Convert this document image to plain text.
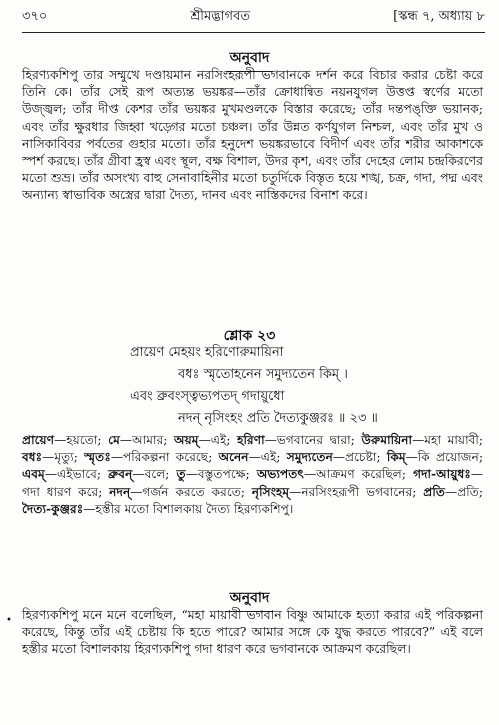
৩৭০	শ্রীমদ্ভাগবত	[স্কন্ধ ৭, অধ্যায় ৮
অনুবাদ

হিরণ্যকশিপু তার সম্মুখে দণ্ডায়মান নরসিংহরূপী ভগবানকে দর্শন করে বিচার করার চেষ্টা করে তিনি কে। তাঁর সেই রূপ অত্যন্ত ভয়ঙ্কর—তাঁর ক্রোধান্বিত নয়নযুগল উত্তপ্ত স্বর্ণের মতো উজ্জ্বল; তাঁর দীপ্ত কেশর তাঁর ভয়ঙ্কর মুখমণ্ডলকে বিস্তার করেছে; তাঁর দন্তপঙ্‌ক্তি ভয়ানক; এবং তাঁর ক্ষুরধার জিহ্বা খড়্গের মতো চঞ্চল। তাঁর উন্নত কর্ণযুগল নিশ্চল, এবং তাঁর মুখ ও নাসিকাবিবর পর্বতের গুহার মতো। তাঁর হনুদেশ ভয়ঙ্করভাবে বিদীর্ণ এবং তাঁর শরীর আকাশকে স্পর্শ করছে। তাঁর গ্রীবা হ্রস্ব এবং স্থূল, বক্ষ বিশাল, উদর কৃশ, এবং তাঁর দেহের লোম চন্দ্রকিরণের মতো শুভ্র। তাঁর অসংখ্য বাহু সেনাবাহিনীর মতো চতুর্দিকে বিস্তৃত হয়ে শঙ্খ, চক্র, গদা, পদ্ম এবং অন্যান্য স্বাভাবিক অস্ত্রের দ্বারা দৈত্য, দানব এবং নাস্তিকদের বিনাশ করে।

শ্লোক ২৩
প্রায়েণ মেহয়ং হরিণোরুমায়িনা
বধঃ স্মৃতোহনেন সমুদ্যতেন কিম্ ।
এবং ব্রুবংস্ত্বভ্যপতদ্ গদায়ুধো
নদন্ নৃসিংহং প্রতি দৈত্যকুঞ্জরঃ ॥ ২৩ ॥

প্রায়েণ—হয়তো; মে—আমার; অয়ম্—এই; হরিণা—ভগবানের দ্বারা; উরুমায়িনা—মহা মায়াবী; বধঃ—মৃত্যু; স্মৃতঃ—পরিকল্পনা করেছে; অনেন—এই; সমুদ্যতেন—প্রচেষ্টা; কিম্—কি প্রয়োজন; এবম্—এইভাবে; ব্রুবন্—বলে; তু—বস্তুতপক্ষে; অভ্যপতৎ—আক্রমণ করেছিল; গদা-আয়ুধঃ—গদা ধারণ করে; নদন্—গর্জন করতে করতে; নৃসিংহম্—নরসিংহরূপী ভগবানের; প্রতি—প্রতি; দৈত্য-কুঞ্জরঃ—হস্তীর মতো বিশালকায় দৈত্য হিরণ্যকশিপু।

অনুবাদ
• হিরণ্যকশিপু মনে মনে বলেছিল, “মহা মায়াবী ভগবান বিষ্ণু আমাকে হত্যা করার এই পরিকল্পনা করেছে, কিন্তু তাঁর এই চেষ্টায় কি হতে পারে? আমার সঙ্গে কে যুদ্ধ করতে পারবে?” এই বলে হস্তীর মতো বিশালকায় হিরণ্যকশিপু গদা ধারণ করে ভগবানকে আক্রমণ করেছিল।
